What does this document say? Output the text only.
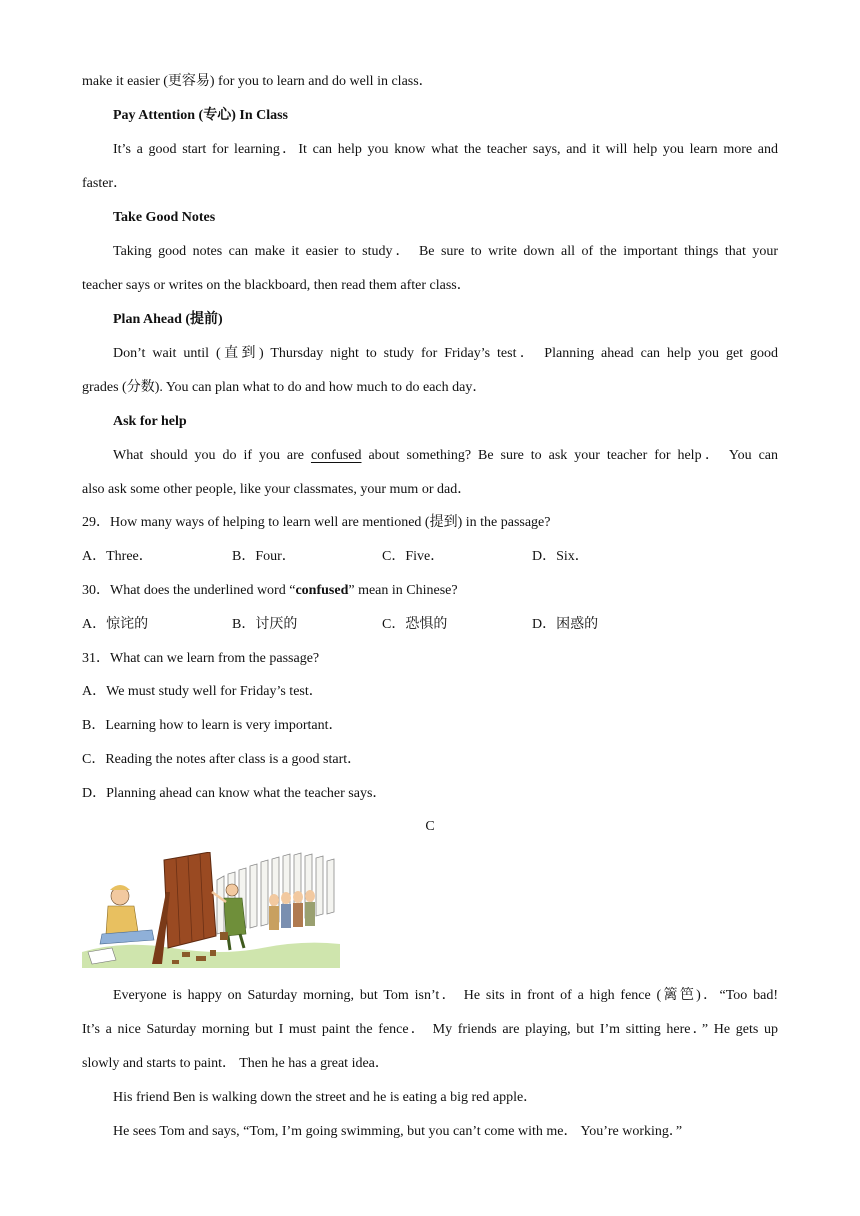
make it easier (更容易) for you to learn and do well in class．
Pay Attention (专心) In Class
It’s a good start for learning．It can help you know what the teacher says, and it will help you learn more and
faster．
Take Good Notes
Taking good notes can make it easier to study． Be sure to write down all of the important things that your
teacher says or writes on the blackboard, then read them after class．
Plan Ahead (提前)
Don’t wait until (直到) Thursday night to study for Friday’s test． Planning ahead can help you get good
grades (分数). You can plan what to do and how much to do each day．
Ask for help
What should you do if you are confused about something? Be sure to ask your teacher for help． You can
also ask some other people, like your classmates, your mum or dad．
29．How many ways of helping to learn well are mentioned (提到) in the passage?
A．Three．	B．Four．	C．Five．	D．Six．
30．What does the underlined word “confused” mean in Chinese?
A．惊诧的	B．讨厌的	C．恐惧的	D．困惑的
31．What can we learn from the passage?
A．We must study well for Friday’s test．
B．Learning how to learn is very important．
C．Reading the notes after class is a good start．
D．Planning ahead can know what the teacher says．
C
Everyone is happy on Saturday morning, but Tom isn’t． He sits in front of a high fence (篱笆)．“Too bad!
It’s a nice Saturday morning but I must paint the fence． My friends are playing, but I’m sitting here．” He gets up
slowly and starts to paint． Then he has a great idea．
His friend Ben is walking down the street and he is eating a big red apple．
He sees Tom and says, “Tom, I’m going swimming, but you can’t come with me． You’re working．”
